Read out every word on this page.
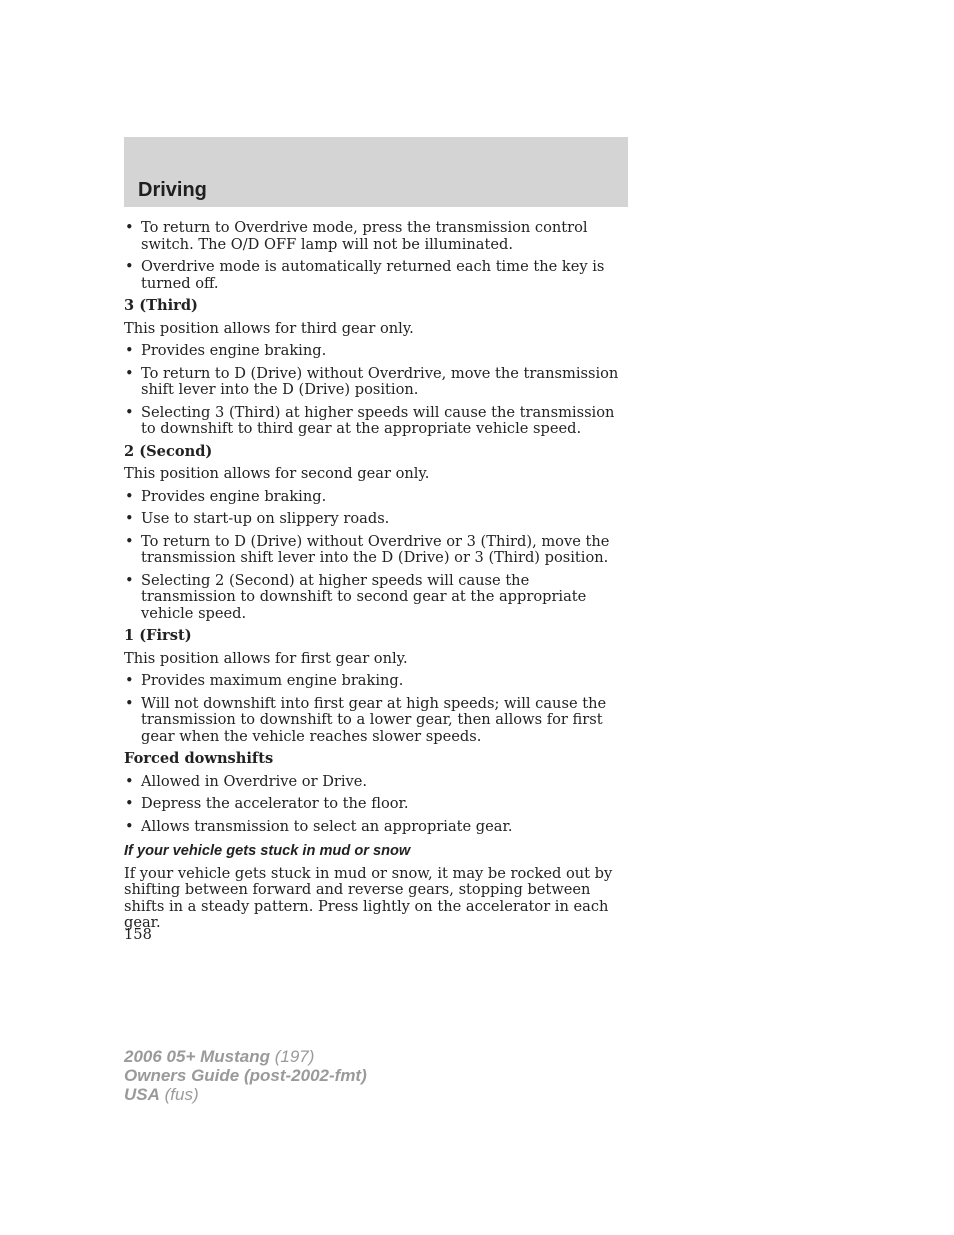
Driving
• To return to Overdrive mode, press the transmission control switch. The O/D OFF lamp will not be illuminated.
• Overdrive mode is automatically returned each time the key is turned off.
3 (Third)
This position allows for third gear only.
• Provides engine braking.
• To return to D (Drive) without Overdrive, move the transmission shift lever into the D (Drive) position.
• Selecting 3 (Third) at higher speeds will cause the transmission to downshift to third gear at the appropriate vehicle speed.
2 (Second)
This position allows for second gear only.
• Provides engine braking.
• Use to start-up on slippery roads.
• To return to D (Drive) without Overdrive or 3 (Third), move the transmission shift lever into the D (Drive) or 3 (Third) position.
• Selecting 2 (Second) at higher speeds will cause the transmission to downshift to second gear at the appropriate vehicle speed.
1 (First)
This position allows for first gear only.
• Provides maximum engine braking.
• Will not downshift into first gear at high speeds; will cause the transmission to downshift to a lower gear, then allows for first gear when the vehicle reaches slower speeds.
Forced downshifts
• Allowed in Overdrive or Drive.
• Depress the accelerator to the floor.
• Allows transmission to select an appropriate gear.
If your vehicle gets stuck in mud or snow
If your vehicle gets stuck in mud or snow, it may be rocked out by shifting between forward and reverse gears, stopping between shifts in a steady pattern. Press lightly on the accelerator in each gear.
158
2006 05+ Mustang (197)
Owners Guide (post-2002-fmt)
USA (fus)
